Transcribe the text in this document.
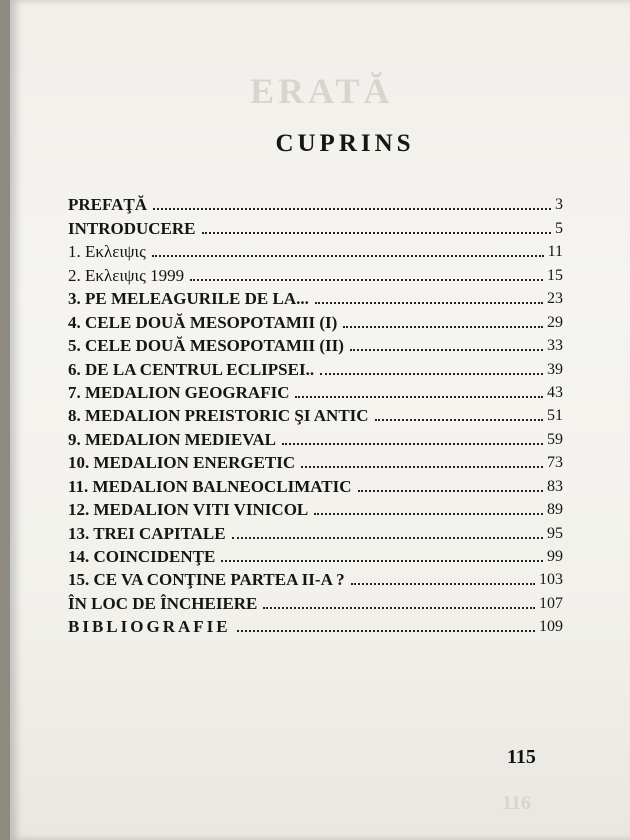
ERATĂ
CUPRINS
PREFAŢĂ	3
INTRODUCERE	5
1. Εκλειψις	11
2. Εκλειψις 1999	15
3. PE MELEAGURILE DE LA...	23
4. CELE DOUĂ MESOPOTAMII (I)	29
5. CELE DOUĂ MESOPOTAMII (II)	33
6. DE LA CENTRUL ECLIPSEI..	39
7. MEDALION GEOGRAFIC	43
8. MEDALION PREISTORIC ŞI ANTIC	51
9. MEDALION MEDIEVAL	59
10. MEDALION ENERGETIC	73
11. MEDALION BALNEOCLIMATIC	83
12. MEDALION VITI VINICOL	89
13. TREI CAPITALE	95
14. COINCIDENŢE	99
15. CE VA CONŢINE PARTEA II-A ?	103
ÎN LOC DE ÎNCHEIERE	107
BIBLIOGRAFIE	109
115
116
